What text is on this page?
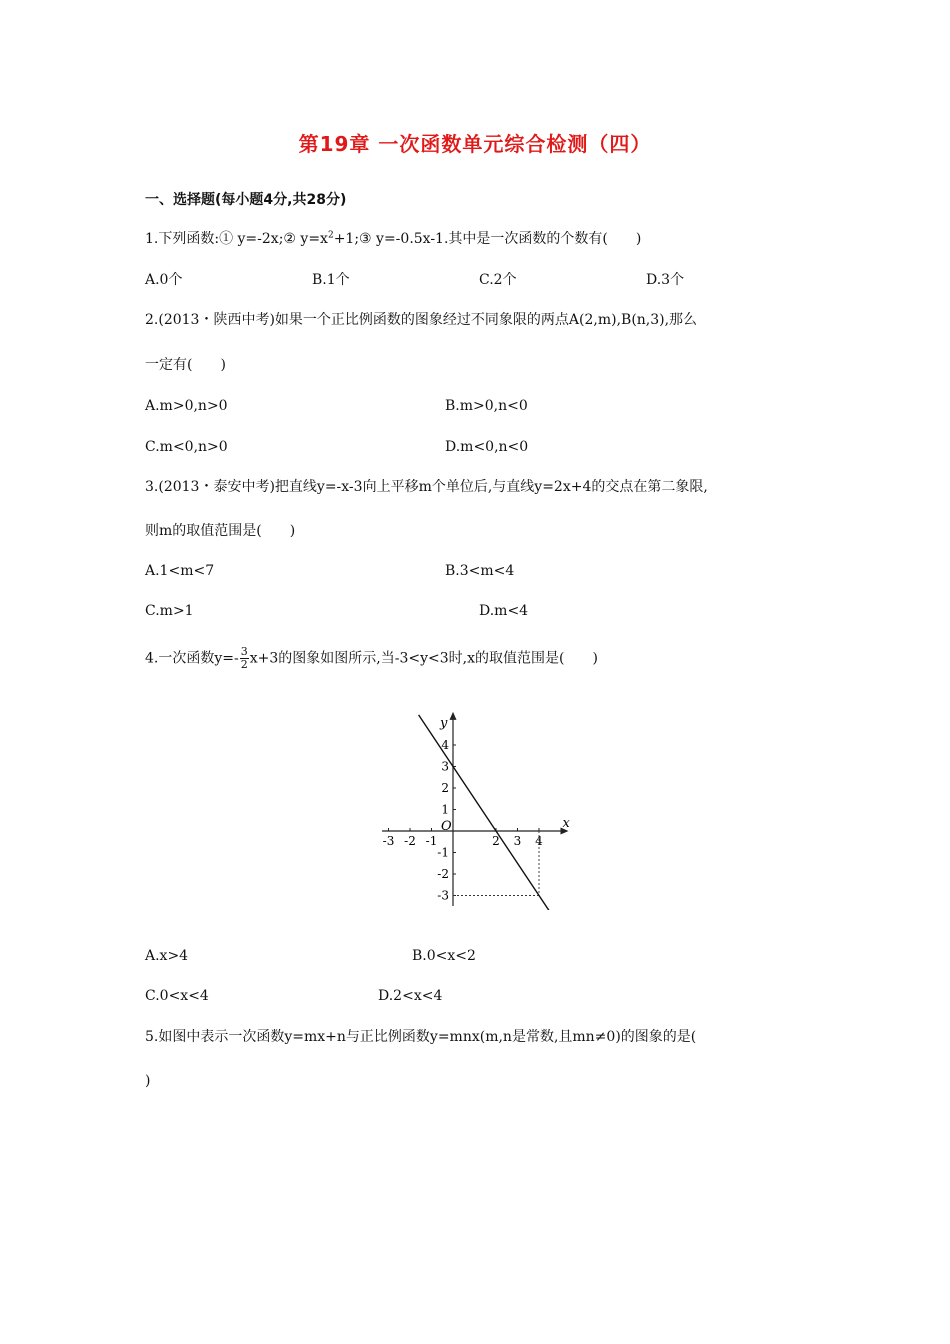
第19章 一次函数单元综合检测（四）
一、选择题(每小题4分,共28分)
1.下列函数:① y=-2x;② $y=x^2+1;③$ y=-0.5x-1.其中是一次函数的个数有(　　)
A.0个	B.1个	C.2个	D.3个
2.(2013・陕西中考)如果一个正比例函数的图象经过不同象限的两点A(2,m),B(n,3),那么
一定有(　　)
A.m>0,n>0	B.m>0,n<0
C.m<0,n>0	D.m<0,n<0
3.(2013・泰安中考)把直线y=-x-3向上平移m个单位后,与直线y=2x+4的交点在第二象限,
则m的取值范围是(　　)
A.1<m<7	B.3<m<4
C.m>1	D.m<4
4.一次函数$y=- \frac{3}{2} x+3$的图象如图所示,当-3<y<3时,x的取值范围是(　　)
x
y
O
-3 -2 -1	2 3 4
4
3
2
1
-1
-2
-3
A.x>4	B.0<x<2
C.0<x<4	D.2<x<4
5.如图中表示一次函数y=mx+n与正比例函数y=mnx(m,n是常数,且mn≠0)的图象的是(
)
